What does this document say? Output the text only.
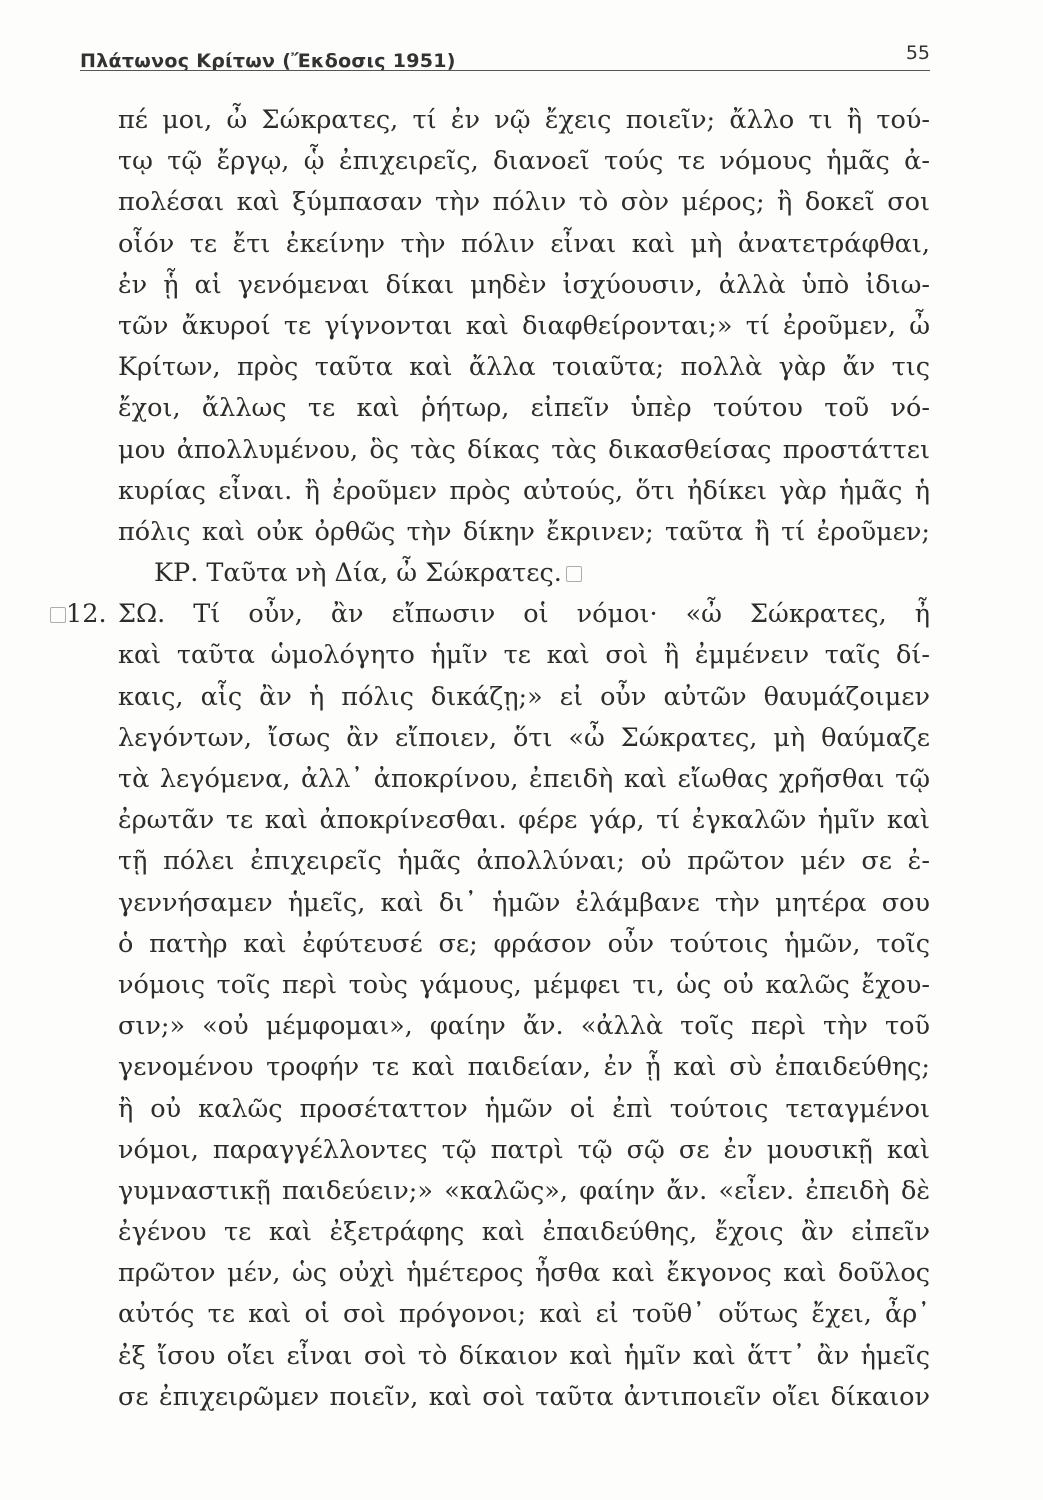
Πλάτωνος Κρίτων (Ἔκδοσις 1951)	55
πέ μοι, ὦ Σώκρατες, τί ἐν νῷ ἔχεις ποιεῖν; ἄλλο τι ἢ τού-
τῳ τῷ ἔργῳ, ᾧ ἐπιχειρεῖς, διανοεῖ τούς τε νόμους ἡμᾶς ἀ-
πολέσαι καὶ ξύμπασαν τὴν πόλιν τὸ σὸν μέρος; ἢ δοκεῖ σοι
οἷόν τε ἔτι ἐκείνην τὴν πόλιν εἶναι καὶ μὴ ἀνατετράφθαι,
ἐν ᾗ αἱ γενόμεναι δίκαι μηδὲν ἰσχύουσιν, ἀλλὰ ὑπὸ ἰδιω-
τῶν ἄκυροί τε γίγνονται καὶ διαφθείρονται;» τί ἐροῦμεν, ὦ
Κρίτων, πρὸς ταῦτα καὶ ἄλλα τοιαῦτα; πολλὰ γὰρ ἄν τις
ἔχοι, ἄλλως τε καὶ ῥήτωρ, εἰπεῖν ὑπὲρ τούτου τοῦ νό-
μου ἀπολλυμένου, ὃς τὰς δίκας τὰς δικασθείσας προστάττει
κυρίας εἶναι. ἢ ἐροῦμεν πρὸς αὐτούς, ὅτι ἠδίκει γὰρ ἡμᾶς ἡ
πόλις καὶ οὐκ ὀρθῶς τὴν δίκην ἔκρινεν; ταῦτα ἢ τί ἐροῦμεν;
ΚΡ. Ταῦτα νὴ Δία, ὦ Σώκρατες.
12. ΣΩ. Τί οὖν, ἂν εἴπωσιν οἱ νόμοι· «ὦ Σώκρατες, ἦ
καὶ ταῦτα ὡμολόγητο ἡμῖν τε καὶ σοὶ ἢ ἐμμένειν ταῖς δί-
καις, αἷς ἂν ἡ πόλις δικάζῃ;» εἰ οὖν αὐτῶν θαυμάζοιμεν
λεγόντων, ἴσως ἂν εἴποιεν, ὅτι «ὦ Σώκρατες, μὴ θαύμαζε
τὰ λεγόμενα, ἀλλ᾽ ἀποκρίνου, ἐπειδὴ καὶ εἴωθας χρῆσθαι τῷ
ἐρωτᾶν τε καὶ ἀποκρίνεσθαι. φέρε γάρ, τί ἐγκαλῶν ἡμῖν καὶ
τῇ πόλει ἐπιχειρεῖς ἡμᾶς ἀπολλύναι; οὐ πρῶτον μέν σε ἐ-
γεννήσαμεν ἡμεῖς, καὶ δι᾽ ἡμῶν ἐλάμβανε τὴν μητέρα σου
ὁ πατὴρ καὶ ἐφύτευσέ σε; φράσον οὖν τούτοις ἡμῶν, τοῖς
νόμοις τοῖς περὶ τοὺς γάμους, μέμφει τι, ὡς οὐ καλῶς ἔχου-
σιν;» «οὐ μέμφομαι», φαίην ἄν. «ἀλλὰ τοῖς περὶ τὴν τοῦ
γενομένου τροφήν τε καὶ παιδείαν, ἐν ᾗ καὶ σὺ ἐπαιδεύθης;
ἢ οὐ καλῶς προσέταττον ἡμῶν οἱ ἐπὶ τούτοις τεταγμένοι
νόμοι, παραγγέλλοντες τῷ πατρὶ τῷ σῷ σε ἐν μουσικῇ καὶ
γυμναστικῇ παιδεύειν;» «καλῶς», φαίην ἄν. «εἶεν. ἐπειδὴ δὲ
ἐγένου τε καὶ ἐξετράφης καὶ ἐπαιδεύθης, ἔχοις ἂν εἰπεῖν
πρῶτον μέν, ὡς οὐχὶ ἡμέτερος ἦσθα καὶ ἔκγονος καὶ δοῦλος
αὐτός τε καὶ οἱ σοὶ πρόγονοι; καὶ εἰ τοῦθ᾽ οὕτως ἔχει, ἆρ᾽
ἐξ ἴσου οἴει εἶναι σοὶ τὸ δίκαιον καὶ ἡμῖν καὶ ἅττ᾽ ἂν ἡμεῖς
σε ἐπιχειρῶμεν ποιεῖν, καὶ σοὶ ταῦτα ἀντιποιεῖν οἴει δίκαιον
